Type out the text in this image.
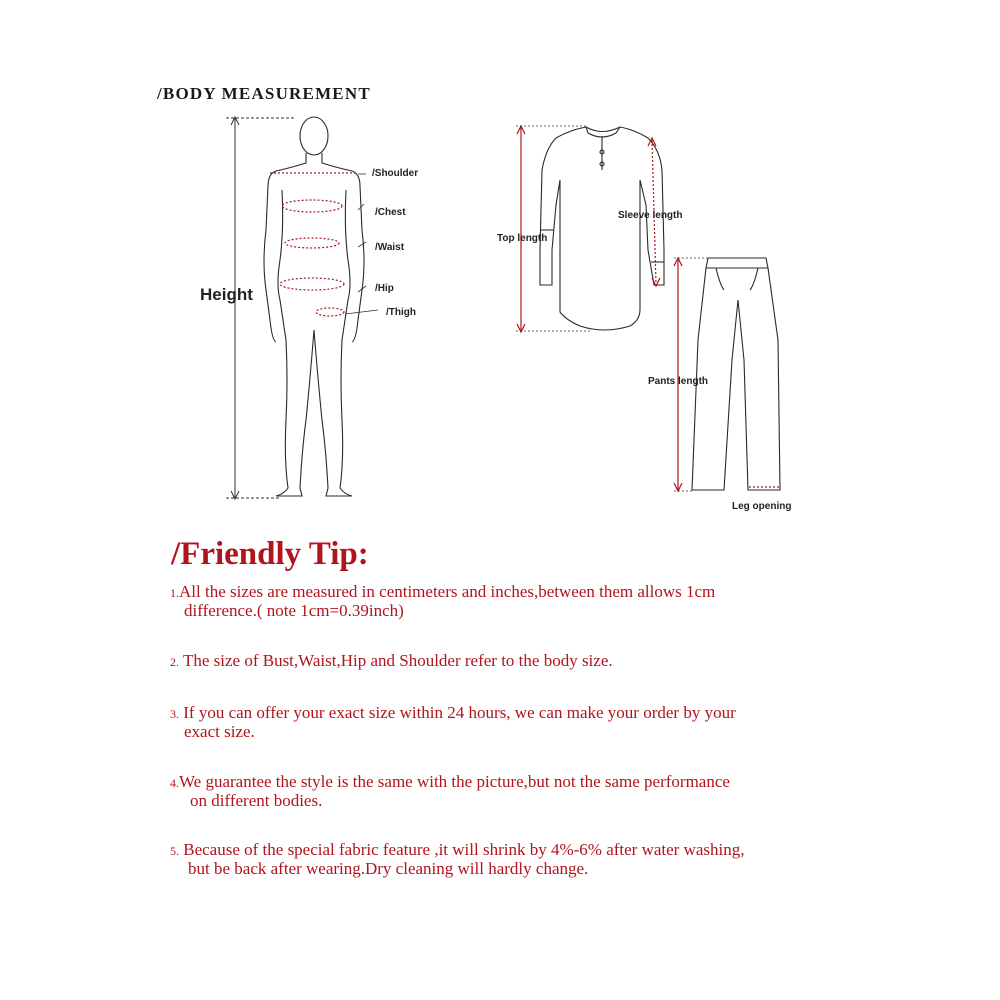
/BODY MEASUREMENT
/Shoulder
/Chest
/Waist
/Hip
/Thigh
Height
Top length
Sleeve length
Pants length
Leg opening
/Friendly Tip:
1.All the sizes are measured in centimeters and inches,between them allows 1cm
difference.( note 1cm=0.39inch)
2. The size of Bust,Waist,Hip and Shoulder refer to the body size.
3. If you can offer your exact size within 24 hours, we can make your order by your
exact size.
4.We guarantee the style is the same with the picture,but not the same performance
on different bodies.
5. Because of the special fabric feature ,it will shrink by 4%-6% after water washing,
but be back after wearing.Dry cleaning will hardly change.
